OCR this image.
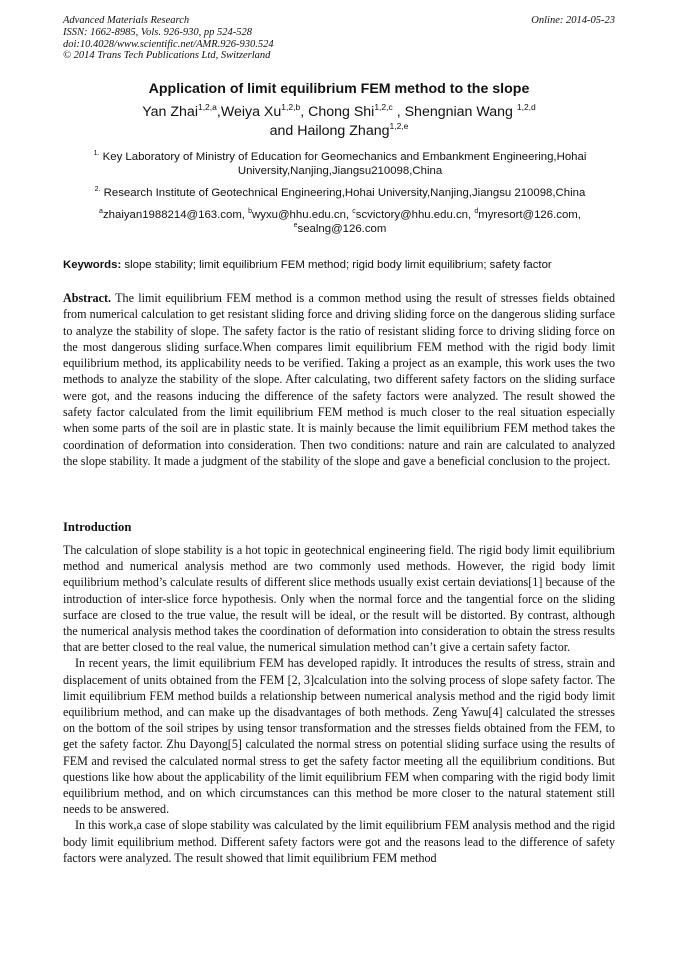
Advanced Materials Research
ISSN: 1662-8985, Vols. 926-930, pp 524-528
doi:10.4028/www.scientific.net/AMR.926-930.524
© 2014 Trans Tech Publications Ltd, Switzerland
Online: 2014-05-23
Application of limit equilibrium FEM method to the slope
Yan Zhai$^{1,2,a}$,Weiya Xu$^{1,2,b}$, Chong Shi$^{1,2,c}$ , Shengnian Wang $^{1,2,d}$
and Hailong Zhang$^{1,2,e}$
$^{1.}$ Key Laboratory of Ministry of Education for Geomechanics and Embankment Engineering,Hohai University,Nanjing,Jiangsu210098,China
$^{2.}$ Research Institute of Geotechnical Engineering,Hohai University,Nanjing,Jiangsu 210098,China
$^a$zhaiyan1988214@163.com, $^b$wyxu@hhu.edu.cn, $^c$scvictory@hhu.edu.cn, $^d$myresort@126.com,
$^e$sealng@126.com
Keywords: slope stability; limit equilibrium FEM method; rigid body limit equilibrium; safety factor
Abstract. The limit equilibrium FEM method is a common method using the result of stresses fields obtained from numerical calculation to get resistant sliding force and driving sliding force on the dangerous sliding surface to analyze the stability of slope. The safety factor is the ratio of resistant sliding force to driving sliding force on the most dangerous sliding surface.When compares limit equilibrium FEM method with the rigid body limit equilibrium method, its applicability needs to be verified. Taking a project as an example, this work uses the two methods to analyze the stability of the slope. After calculating, two different safety factors on the sliding surface were got, and the reasons inducing the difference of the safety factors were analyzed. The result showed the safety factor calculated from the limit equilibrium FEM method is much closer to the real situation especially when some parts of the soil are in plastic state. It is mainly because the limit equilibrium FEM method takes the coordination of deformation into consideration. Then two conditions: nature and rain are calculated to analyzed the slope stability. It made a judgment of the stability of the slope and gave a beneficial conclusion to the project.
Introduction

The calculation of slope stability is a hot topic in geotechnical engineering field. The rigid body limit equilibrium method and numerical analysis method are two commonly used methods. However, the rigid body limit equilibrium method’s calculate results of different slice methods usually exist certain deviations[1] because of the introduction of inter-slice force hypothesis. Only when the normal force and the tangential force on the sliding surface are closed to the true value, the result will be ideal, or the result will be distorted. By contrast, although the numerical analysis method takes the coordination of deformation into consideration to obtain the stress results that are better closed to the real value, the numerical simulation method can’t give a certain safety factor.

In recent years, the limit equilibrium FEM has developed rapidly. It introduces the results of stress, strain and displacement of units obtained from the FEM [2, 3]calculation into the solving process of slope safety factor. The limit equilibrium FEM method builds a relationship between numerical analysis method and the rigid body limit equilibrium method, and can make up the disadvantages of both methods. Zeng Yawu[4] calculated the stresses on the bottom of the soil stripes by using tensor transformation and the stresses fields obtained from the FEM, to get the safety factor. Zhu Dayong[5] calculated the normal stress on potential sliding surface using the results of FEM and revised the calculated normal stress to get the safety factor meeting all the equilibrium conditions. But questions like how about the applicability of the limit equilibrium FEM when comparing with the rigid body limit equilibrium method, and on which circumstances can this method be more closer to the natural statement still needs to be answered.

In this work,a case of slope stability was calculated by the limit equilibrium FEM analysis method and the rigid body limit equilibrium method. Different safety factors were got and the reasons lead to the difference of safety factors were analyzed. The result showed that limit equilibrium FEM method
